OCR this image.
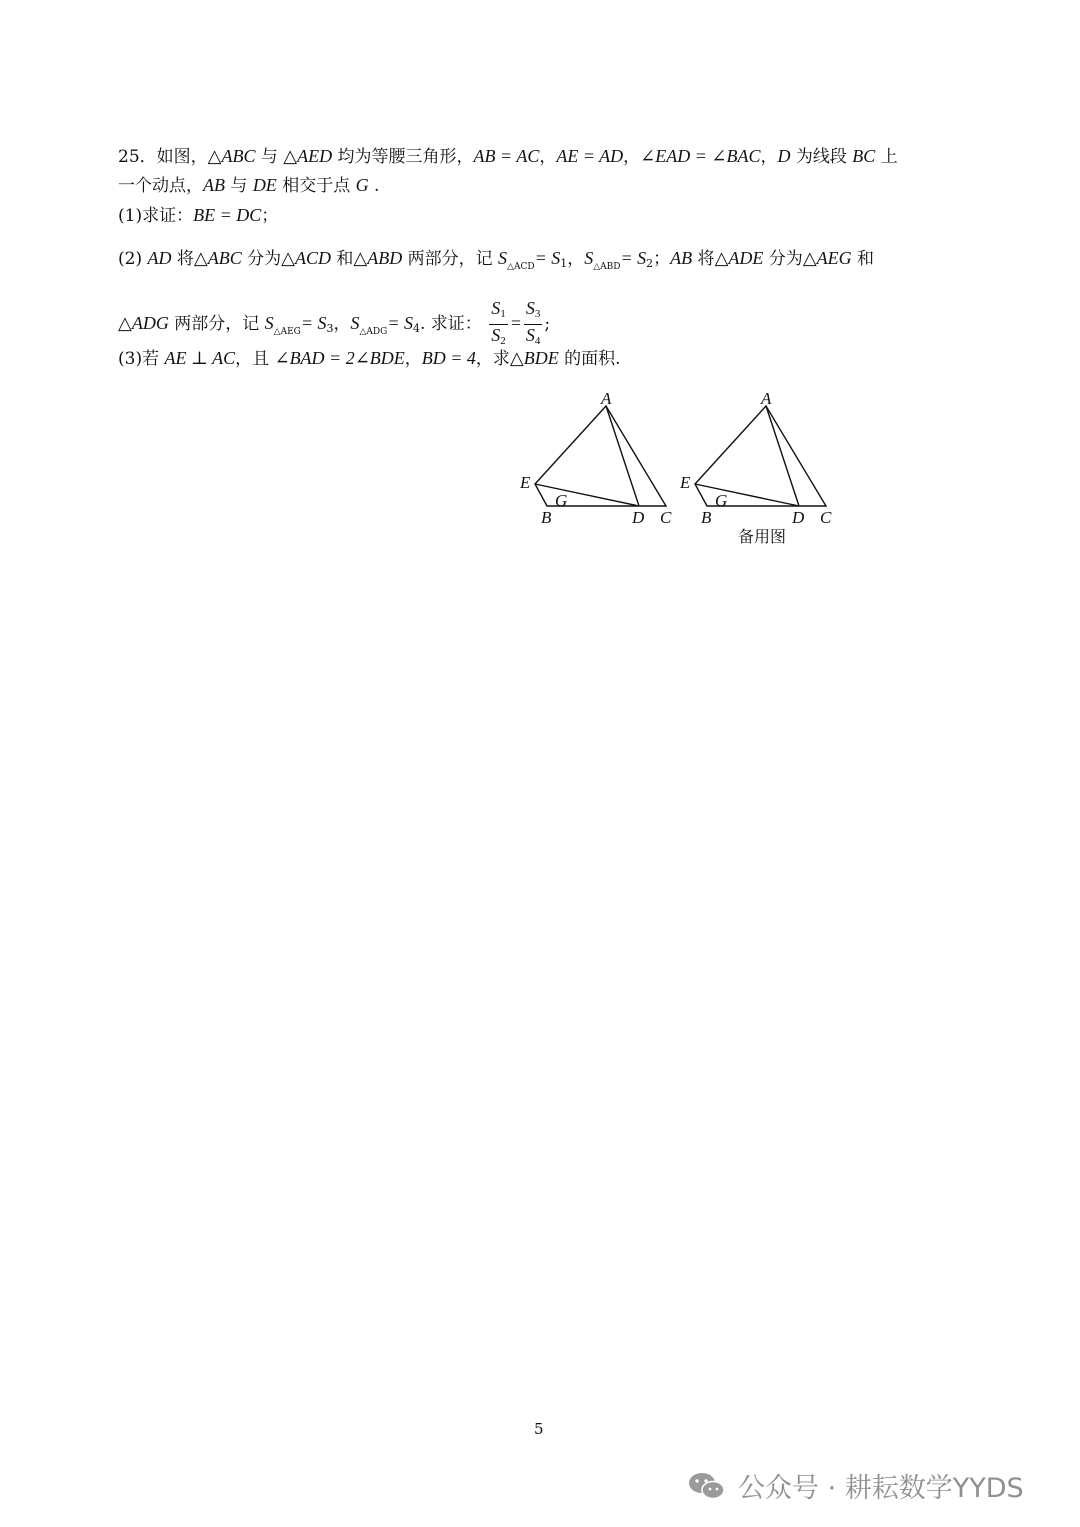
25．如图，△ABC 与 △AED 均为等腰三角形，AB = AC，AE = AD，∠EAD = ∠BAC，D 为线段 BC 上
一个动点，AB 与 DE 相交于点 G .
(1)求证：BE = DC；
(2) AD 将△ABC 分为△ACD 和△ABD 两部分，记 $S_{\triangle ACD}= S_1$，$S_{\triangle ABD}= S_2$；AB 将△ADE 分为△AEG 和
△ADG 两部分，记 $S_{\triangle AEG}= S_3$，$S_{\triangle ADG}= S_4$. 求证： $\frac{S_1}{S_2} = \frac{S_3}{S_4}$ ;
(3)若 AE ⊥ AC，且 ∠BAD = 2∠BDE，BD = 4，求△BDE 的面积.
A
E
G
B	D C
A
E
G
B	D C
备用图
5
公众号 · 耕耘数学YYDS
